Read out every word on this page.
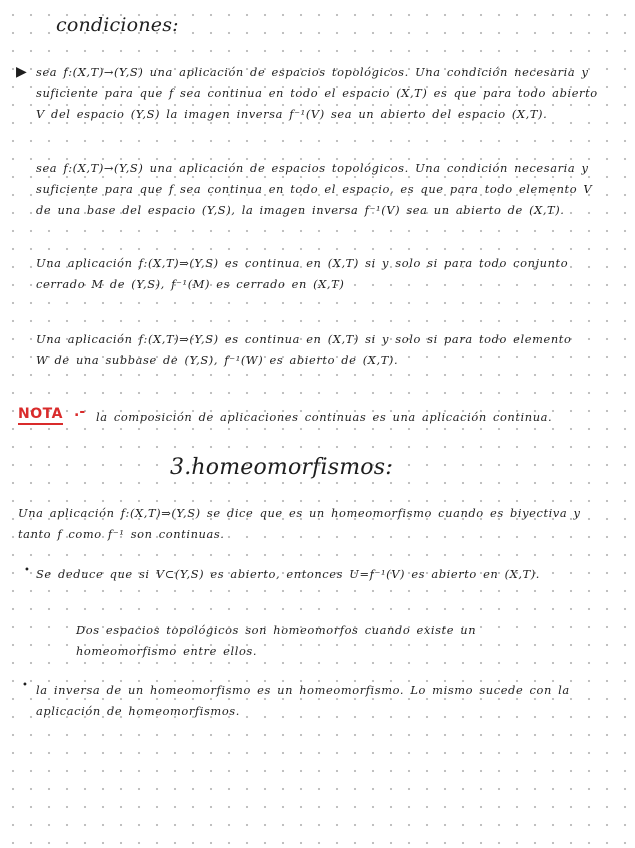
condiciones:
▶ sea f:(X,T)→(Y,S) una aplicación de espacios topológicos. Una condición necesaria y suficiente para que f sea continua en todo el espacio (X,T) es que para todo abierto V del espacio (Y,S) la imagen inversa f⁻¹(V) sea un abierto del espacio (X,T).

sea f:(X,T)→(Y,S) una aplicación de espacios topológicos. Una condición necesaria y suficiente para que f sea continua en todo el espacio, es que para todo elemento V de una base del espacio (Y,S), la imagen inversa f⁻¹(V) sea un abierto de (X,T).

Una aplicación f:(X,T)⇒(Y,S) es continua en (X,T) si y solo si para todo conjunto cerrado M de (Y,S), f⁻¹(M) es cerrado en (X,T)

Una aplicación f:(X,T)⇒(Y,S) es continua en (X,T) si y solo si para todo elemento W de una subbase de (Y,S), f⁻¹(W) es abierto de (X,T).

NOTA .- la composición de aplicaciones continuas es una aplicación continua.

3.homeomorfismos:

Una aplicación f:(X,T)⇒(Y,S) se dice que es un homeomorfismo cuando es biyectiva y tanto f como f⁻¹ son continuas.

• Se deduce que si V⊂(Y,S) es abierto, entonces U=f⁻¹(V) es abierto en (X,T).

Dos espacios topológicos son homeomorfos cuando existe un homeomorfismo entre ellos.

• la inversa de un homeomorfismo es un homeomorfismo. Lo mismo sucede con la aplicación de homeomorfismos.
